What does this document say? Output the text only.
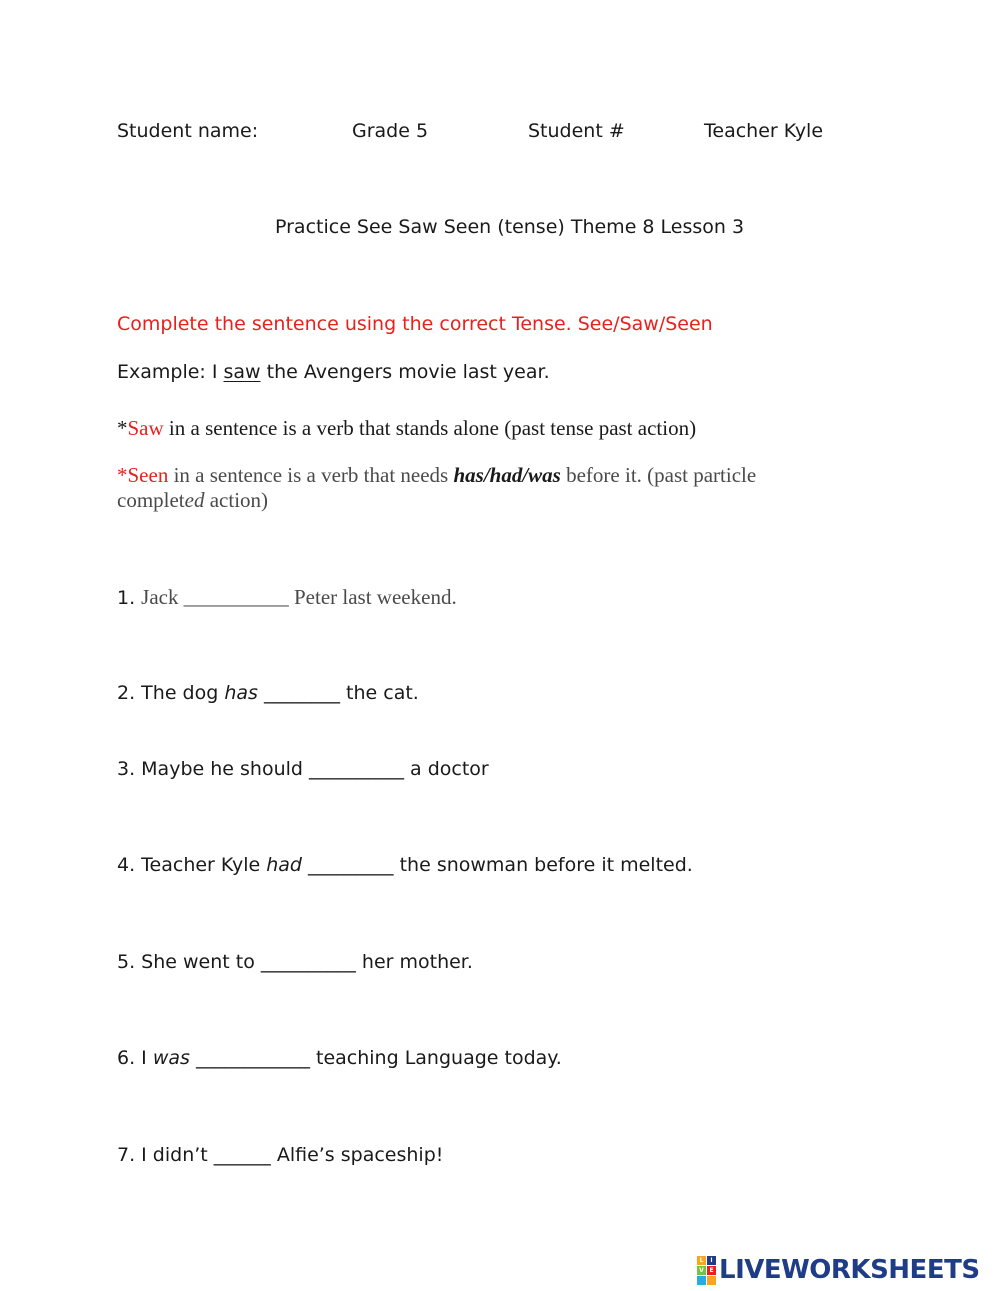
Student name:	Grade 5	Student #	Teacher Kyle
Practice See Saw Seen (tense) Theme 8 Lesson 3
Complete the sentence using the correct Tense. See/Saw/Seen
Example: I saw the Avengers movie last year.
*Saw in a sentence is a verb that stands alone (past tense past action)
*Seen in a sentence is a verb that needs has/had/was before it. (past particle
completed action)
1. Jack __________ Peter last weekend.
2. The dog has ________ the cat.
3. Maybe he should __________ a doctor
4. Teacher Kyle had _________ the snowman before it melted.
5. She went to __________ her mother.
6. I was ____________ teaching Language today.
7. I didn’t ______ Alfie’s spaceship!
L	I
V E LIVEWORKSHEETS
